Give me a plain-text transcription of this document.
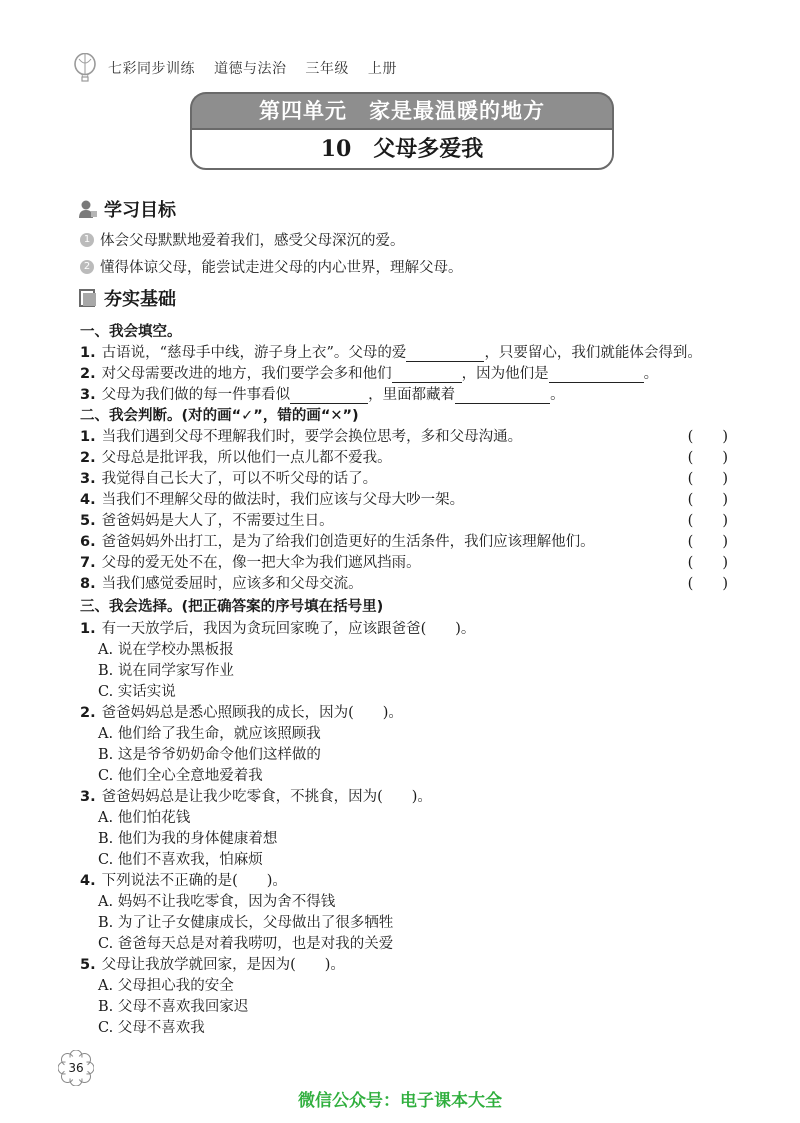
七彩同步训练 道德与法治 三年级 上册
第四单元　家是最温暖的地方
10　父母多爱我
学习目标
1 体会父母默默地爱着我们，感受父母深沉的爱。
2 懂得体谅父母，能尝试走进父母的内心世界，理解父母。
夯实基础
一、我会填空。
1. 古语说，“慈母手中线，游子身上衣”。父母的爱	，只要留心，我们就能体会得到。
2. 对父母需要改进的地方，我们要学会多和他们	，因为他们是	。
3. 父母为我们做的每一件事看似	，里面都藏着	。
二、我会判断。(对的画“✓”，错的画“✕”)
1. 当我们遇到父母不理解我们时，要学会换位思考，多和父母沟通。	(　　)
2. 父母总是批评我，所以他们一点儿都不爱我。	(　　)
3. 我觉得自己长大了，可以不听父母的话了。	(　　)
4. 当我们不理解父母的做法时，我们应该与父母大吵一架。	(　　)
5. 爸爸妈妈是大人了，不需要过生日。	(　　)
6. 爸爸妈妈外出打工，是为了给我们创造更好的生活条件，我们应该理解他们。	(　　)
7. 父母的爱无处不在，像一把大伞为我们遮风挡雨。	(　　)
8. 当我们感觉委屈时，应该多和父母交流。	(　　)
三、我会选择。(把正确答案的序号填在括号里)
1. 有一天放学后，我因为贪玩回家晚了，应该跟爸爸(　　)。
A. 说在学校办黑板报
B. 说在同学家写作业
C. 实话实说
2. 爸爸妈妈总是悉心照顾我的成长，因为(　　)。
A. 他们给了我生命，就应该照顾我
B. 这是爷爷奶奶命令他们这样做的
C. 他们全心全意地爱着我
3. 爸爸妈妈总是让我少吃零食，不挑食，因为(　　)。
A. 他们怕花钱
B. 他们为我的身体健康着想
C. 他们不喜欢我，怕麻烦
4. 下列说法不正确的是(　　)。
A. 妈妈不让我吃零食，因为舍不得钱
B. 为了让子女健康成长，父母做出了很多牺牲
C. 爸爸每天总是对着我唠叨，也是对我的关爱
5. 父母让我放学就回家，是因为(　　)。
A. 父母担心我的安全
B. 父母不喜欢我回家迟
C. 父母不喜欢我
36
微信公众号：电子课本大全
